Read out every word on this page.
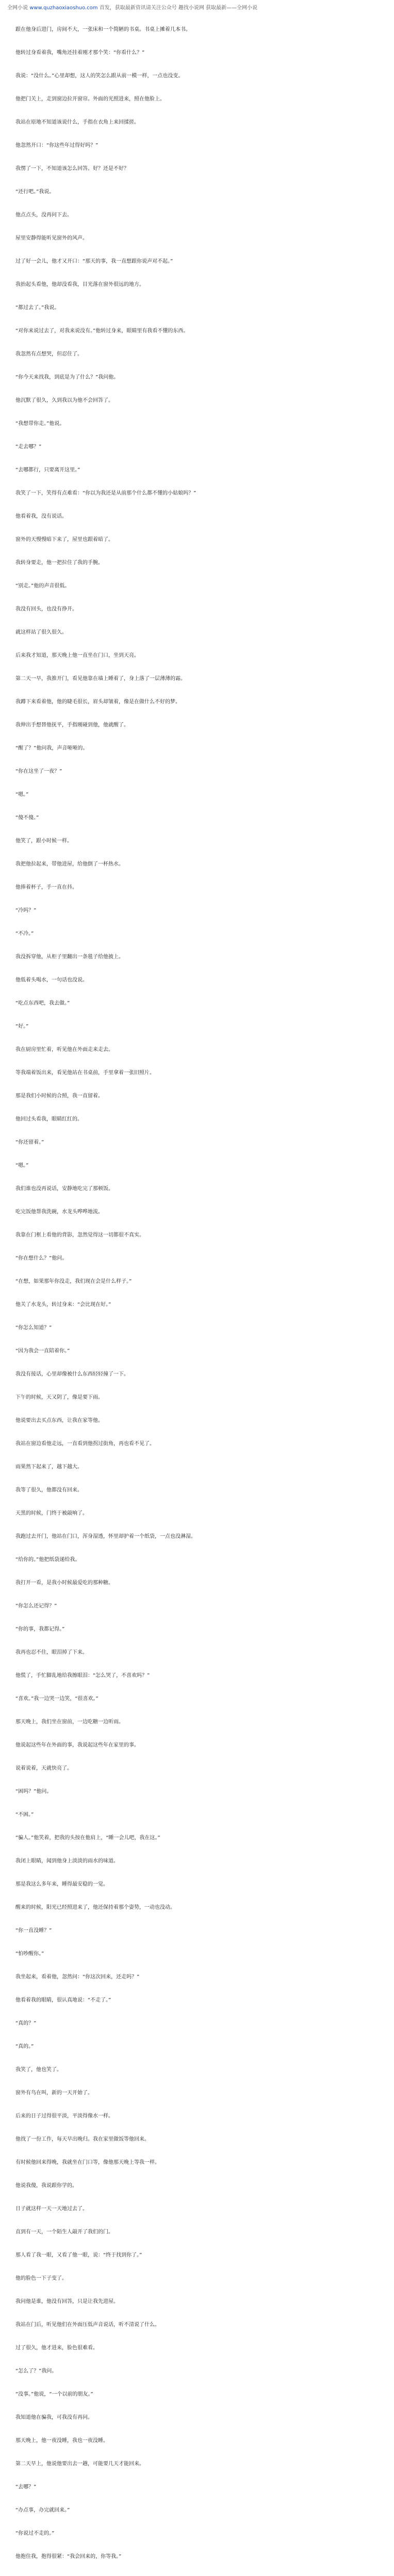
全网小说 www.quzhaoxiaoshuo.com 首发，获取最新资讯请关注公众号 趣找小说网 获取最新——全网小说

跟在他身后进门，房间不大，一张床和一个简陋的书桌。书桌上摊着几本书。

他转过身看着我，嘴角还挂着刚才那个笑：“你看什么？”

我说：“没什么。”心里却想，这人的笑怎么跟从前一模一样，一点也没变。

他把门关上，走到窗边拉开窗帘。外面的光照进来，照在他脸上。

我站在原地不知道该说什么，手指在衣角上来回揉搓。

他忽然开口：“你这些年过得好吗？”

我愣了一下，不知道该怎么回答。好？还是不好？

“还行吧。”我说。

他点点头，没再问下去。

屋里安静得能听见窗外的风声。

过了好一会儿，他才又开口：“那天的事，我一直想跟你说声对不起。”

我抬起头看他，他却没看我，目光落在窗外很远的地方。

“都过去了。”我说。

“对你来说过去了，对我来说没有。”他转过身来，眼睛里有我看不懂的东西。

我忽然有点想哭，但忍住了。

“你今天来找我，到底是为了什么？”我问他。

他沉默了很久，久到我以为他不会回答了。

“我想带你走。”他说。

“走去哪？”

“去哪都行，只要离开这里。”

我笑了一下，笑得有点难看：“你以为我还是从前那个什么都不懂的小姑娘吗？”

他看着我，没有说话。

窗外的天慢慢暗下来了，屋里也跟着暗了。

我转身要走，他一把拉住了我的手腕。

“别走。”他的声音很低。

我没有回头，也没有挣开。

就这样站了很久很久。

后来我才知道，那天晚上他一直坐在门口，坐到天亮。

第二天一早，我推开门，看见他靠在墙上睡着了，身上落了一层薄薄的霜。

我蹲下来看着他，他的睫毛很长，眉头却皱着，像是在做什么不好的梦。

我伸出手想替他抚平，手指刚碰到他，他就醒了。

“醒了？”他问我，声音哑哑的。

“你在这坐了一夜？”

“嗯。”

“傻不傻。”

他笑了，跟小时候一样。

我把他拉起来，带他进屋，给他倒了一杯热水。

他捧着杯子，手一直在抖。

“冷吗？”

“不冷。”

我没拆穿他，从柜子里翻出一条毯子给他披上。

他低着头喝水，一句话也没说。

“吃点东西吧，我去做。”

“好。”

我在厨房里忙着，听见他在外面走来走去。

等我端着饭出来，看见他站在书桌前，手里拿着一张旧照片。

那是我们小时候的合照，我一直留着。

他回过头看我，眼睛红红的。

“你还留着。”

“嗯。”

我们谁也没再说话，安静地吃完了那顿饭。

吃完饭他帮我洗碗，水龙头哗哗地流。

我靠在门框上看他的背影，忽然觉得这一切都很不真实。

“你在想什么？”他问。

“在想，如果那年你没走，我们现在会是什么样子。”

他关了水龙头，转过身来：“会比现在好。”

“你怎么知道？”

“因为我会一直陪着你。”

我没有接话，心里却像被什么东西轻轻撞了一下。

下午的时候，天又阴了，像是要下雨。

他说要出去买点东西，让我在家等他。

我站在窗边看他走远，一直看到他拐过街角，再也看不见了。

雨果然下起来了，越下越大。

我等了很久，他都没有回来。

天黑的时候，门终于被敲响了。

我跑过去开门，他站在门口，浑身湿透，怀里却护着一个纸袋，一点也没淋湿。

“给你的。”他把纸袋递给我。

我打开一看，是我小时候最爱吃的那种糖。

“你怎么还记得？”

“你的事，我都记得。”

我再也忍不住，眼泪掉了下来。

他慌了，手忙脚乱地给我擦眼泪：“怎么哭了，不喜欢吗？”

“喜欢。”我一边哭一边笑，“很喜欢。”

那天晚上，我们坐在窗前，一边吃糖一边听雨。

他说起这些年在外面的事，我说起这些年在家里的事。

说着说着，天就快亮了。

“困吗？”他问。

“不困。”

“骗人。”他笑着，把我的头按在他肩上，“睡一会儿吧，我在这。”

我闭上眼睛，闻到他身上淡淡的雨水的味道。

那是我这么多年来，睡得最安稳的一觉。

醒来的时候，阳光已经照进来了，他还保持着那个姿势，一动也没动。

“你一直没睡？”

“怕吵醒你。”

我坐起来，看着他，忽然问：“你这次回来，还走吗？”

他看着我的眼睛，很认真地说：“不走了。”

“真的？”

“真的。”

我笑了，他也笑了。

窗外有鸟在叫，新的一天开始了。

后来的日子过得很平淡，平淡得像水一样。

他找了一份工作，每天早出晚归。我在家里做饭等他回来。

有时候他回来得晚，我就坐在门口等，像他那天晚上等我一样。

他说我傻，我说跟你学的。

日子就这样一天一天地过去了。

直到有一天，一个陌生人敲开了我们的门。

那人看了我一眼，又看了他一眼，说：“终于找到你了。”

他的脸色一下子变了。

我问他是谁，他没有回答，只是让我先进屋。

我站在门后，听见他们在外面压低声音说话，听不清说了什么。

过了很久，他才进来，脸色很难看。

“怎么了？”我问。

“没事。”他说，“一个以前的朋友。”

我知道他在骗我，可我没有再问。

那天晚上，他一夜没睡，我也一夜没睡。

第二天早上，他说他要出去一趟，可能要几天才能回来。

“去哪？”

“办点事，办完就回来。”

“你说过不走的。”

他抱住我，抱得很紧：“我会回来的，你等我。”
